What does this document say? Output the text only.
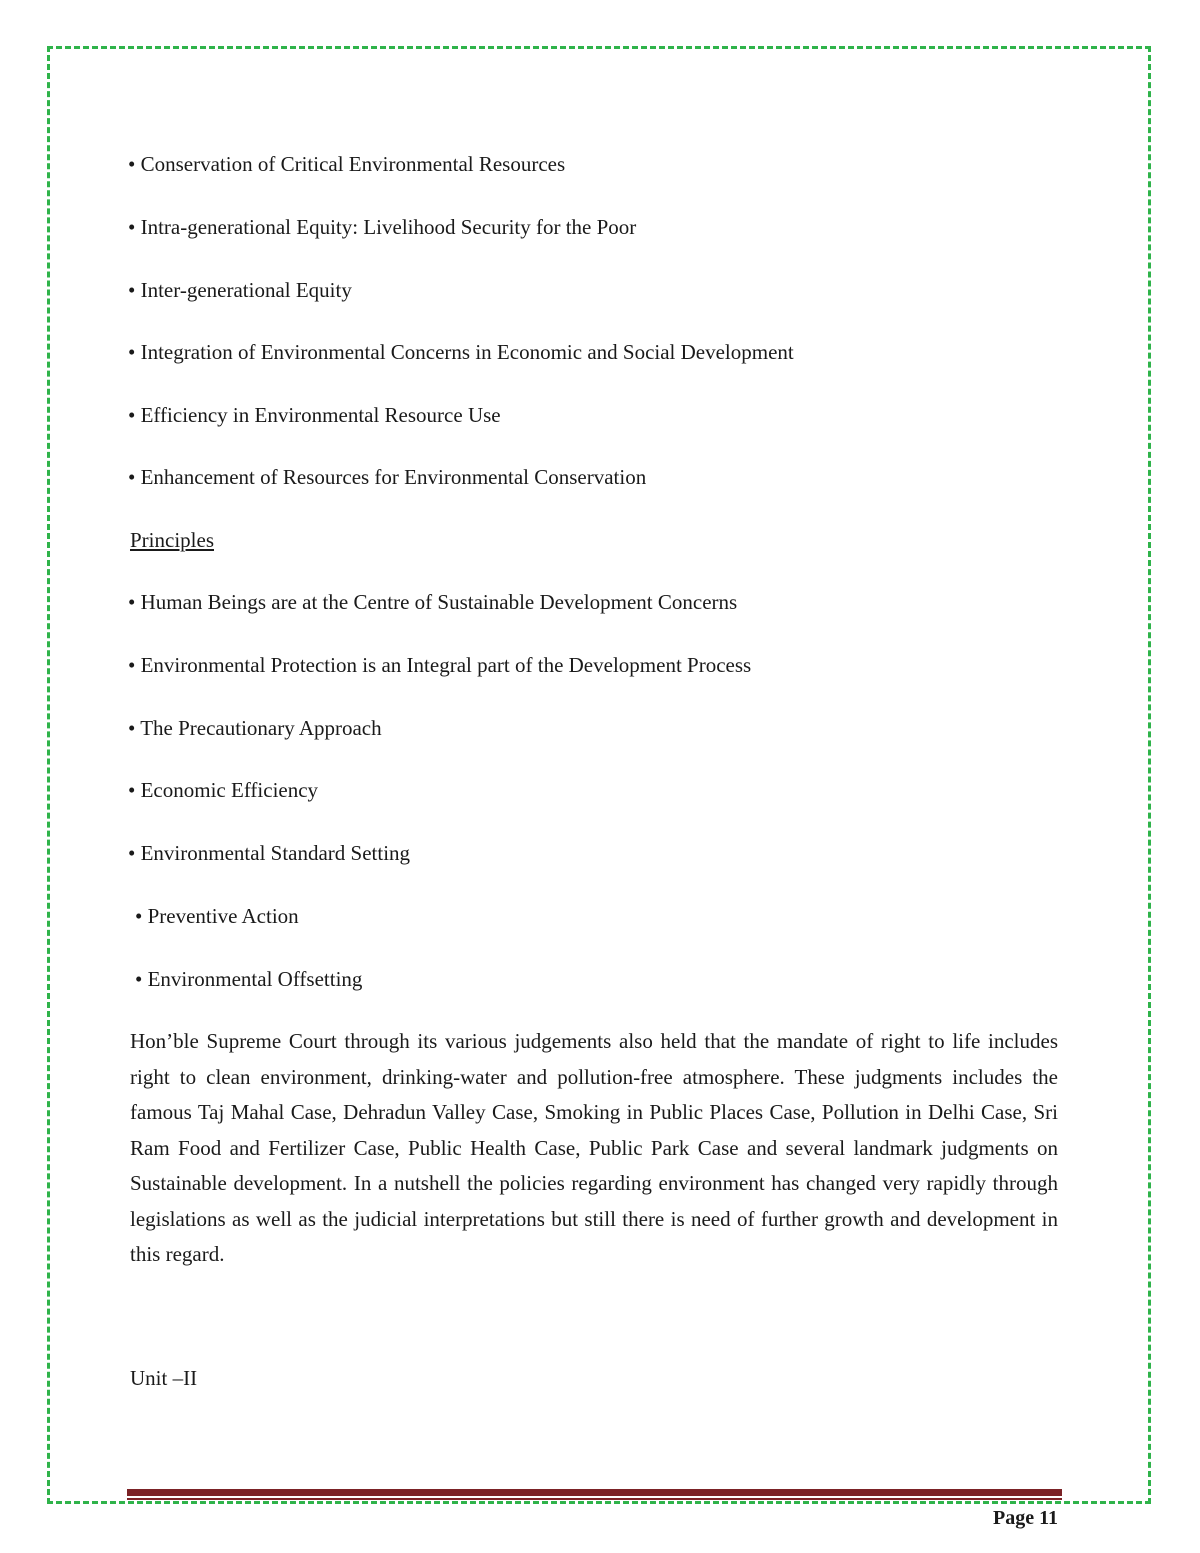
• Conservation of Critical Environmental Resources
• Intra-generational Equity: Livelihood Security for the Poor
• Inter-generational Equity
• Integration of Environmental Concerns in Economic and Social Development
• Efficiency in Environmental Resource Use
• Enhancement of Resources for Environmental Conservation
Principles
• Human Beings are at the Centre of Sustainable Development Concerns
• Environmental Protection is an Integral part of the Development Process
• The Precautionary Approach
• Economic Efficiency
• Environmental Standard Setting
• Preventive Action
• Environmental Offsetting
Hon’ble Supreme Court through its various judgements also held that the mandate of right to life includes right to clean environment, drinking-water and pollution-free atmosphere. These judgments includes the famous Taj Mahal Case, Dehradun Valley Case, Smoking in Public Places Case, Pollution in Delhi Case, Sri Ram Food and Fertilizer Case, Public Health Case, Public Park Case and several landmark judgments on Sustainable development. In a nutshell the policies regarding environment has changed very rapidly through legislations as well as the judicial interpretations but still there is need of further growth and development in this regard.
Unit –II
Page 11
